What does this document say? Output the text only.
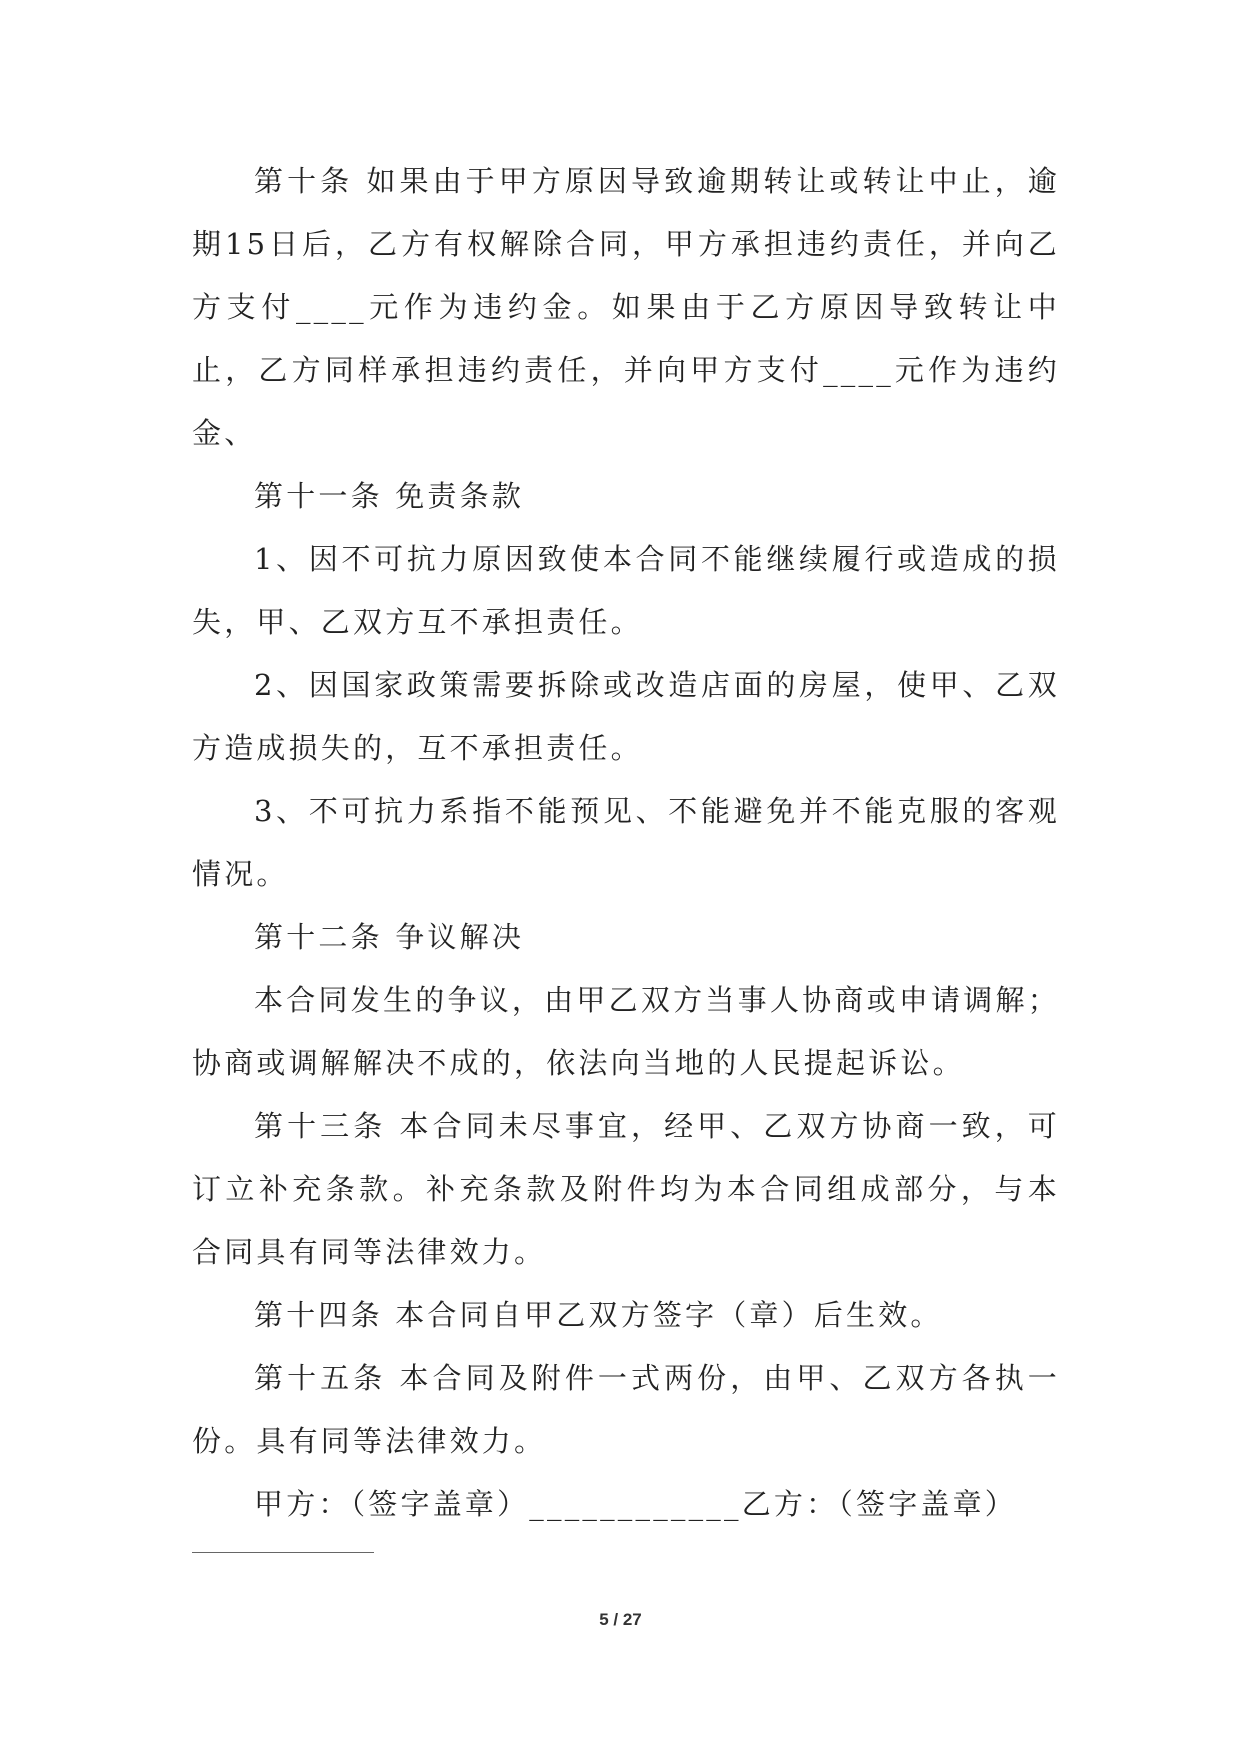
第十条 如果由于甲方原因导致逾期转让或转让中止，逾期15日后，乙方有权解除合同，甲方承担违约责任，并向乙方支付____元作为违约金。如果由于乙方原因导致转让中止，乙方同样承担违约责任，并向甲方支付____元作为违约金、

第十一条 免责条款

1、因不可抗力原因致使本合同不能继续履行或造成的损失，甲、乙双方互不承担责任。

2、因国家政策需要拆除或改造店面的房屋，使甲、乙双方造成损失的，互不承担责任。

3、不可抗力系指不能预见、不能避免并不能克服的客观情况。

第十二条 争议解决

本合同发生的争议，由甲乙双方当事人协商或申请调解；协商或调解解决不成的，依法向当地的人民提起诉讼。

第十三条 本合同未尽事宜，经甲、乙双方协商一致，可订立补充条款。补充条款及附件均为本合同组成部分，与本合同具有同等法律效力。

第十四条 本合同自甲乙双方签字（章）后生效。

第十五条 本合同及附件一式两份，由甲、乙双方各执一份。具有同等法律效力。

甲方：（签字盖章）____________乙方：（签字盖章）

5 / 27
